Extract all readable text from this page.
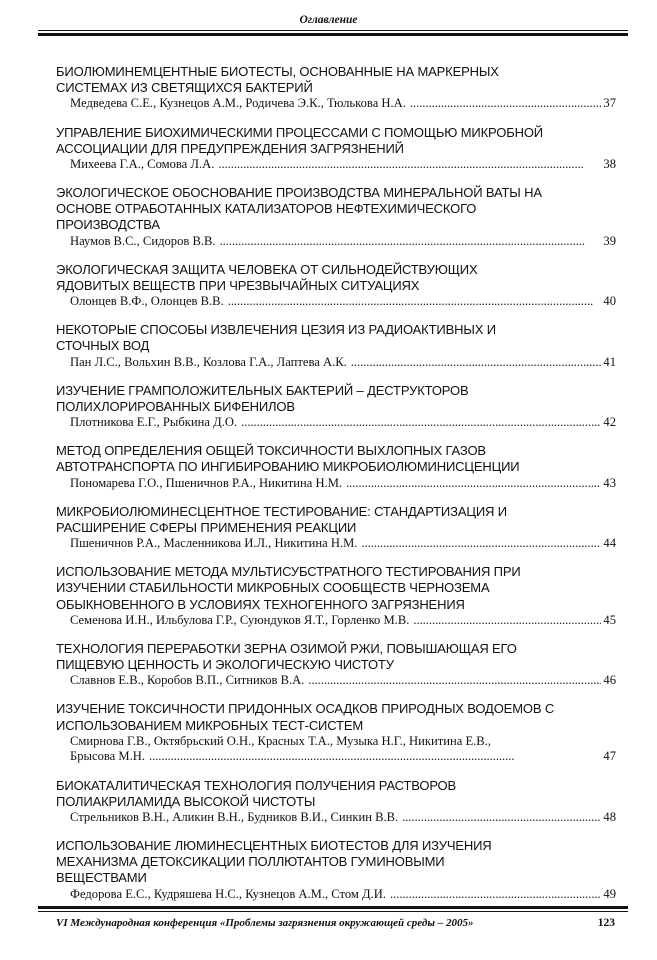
Оглавление
БИОЛЮМИНЕМЦЕНТНЫЕ БИОТЕСТЫ, ОСНОВАННЫЕ НА МАРКЕРНЫХ
СИСТЕМАХ ИЗ СВЕТЯЩИХСЯ БАКТЕРИЙ
Медведева С.Е., Кузнецов А.М., Родичева Э.К., Тюлькова Н.А. . . .	37
УПРАВЛЕНИЕ БИОХИМИЧЕСКИМИ ПРОЦЕССАМИ С ПОМОЩЬЮ МИКРОБНОЙ
АССОЦИАЦИИ ДЛЯ ПРЕДУПРЕЖДЕНИЯ ЗАГРЯЗНЕНИЙ
Михеева Г.А., Сомова Л.А. . . .	38
ЭКОЛОГИЧЕСКОЕ ОБОСНОВАНИЕ ПРОИЗВОДСТВА МИНЕРАЛЬНОЙ ВАТЫ НА
ОСНОВЕ ОТРАБОТАННЫХ КАТАЛИЗАТОРОВ НЕФТЕХИМИЧЕСКОГО
ПРОИЗВОДСТВА
Наумов В.С., Сидоров В.В. . . .	39
ЭКОЛОГИЧЕСКАЯ ЗАЩИТА ЧЕЛОВЕКА ОТ СИЛЬНОДЕЙСТВУЮЩИХ
ЯДОВИТЫХ ВЕЩЕСТВ ПРИ ЧРЕЗВЫЧАЙНЫХ СИТУАЦИЯХ
Олонцев В.Ф., Олонцев В.В. . . .	40
НЕКОТОРЫЕ СПОСОБЫ ИЗВЛЕЧЕНИЯ ЦЕЗИЯ ИЗ РАДИОАКТИВНЫХ И
СТОЧНЫХ ВОД
Пан Л.С., Вольхин В.В., Козлова Г.А., Лаптева А.К. . . .	41
ИЗУЧЕНИЕ ГРАМПОЛОЖИТЕЛЬНЫХ БАКТЕРИЙ – ДЕСТРУКТОРОВ
ПОЛИХЛОРИРОВАННЫХ БИФЕНИЛОВ
Плотникова Е.Г., Рыбкина Д.О. . . .	42
МЕТОД ОПРЕДЕЛЕНИЯ ОБЩЕЙ ТОКСИЧНОСТИ ВЫХЛОПНЫХ ГАЗОВ
АВТОТРАНСПОРТА ПО ИНГИБИРОВАНИЮ МИКРОБИОЛЮМИНИСЦЕНЦИИ
Пономарева Г.О., Пшеничнов Р.А., Никитина Н.М. . . .	43
МИКРОБИОЛЮМИНЕСЦЕНТНОЕ ТЕСТИРОВАНИЕ: СТАНДАРТИЗАЦИЯ И
РАСШИРЕНИЕ СФЕРЫ ПРИМЕНЕНИЯ РЕАКЦИИ
Пшеничнов Р.А., Масленникова И.Л., Никитина Н.М. . . .	44
ИСПОЛЬЗОВАНИЕ МЕТОДА МУЛЬТИСУБСТРАТНОГО ТЕСТИРОВАНИЯ ПРИ
ИЗУЧЕНИИ СТАБИЛЬНОСТИ МИКРОБНЫХ СООБЩЕСТВ ЧЕРНОЗЕМА
ОБЫКНОВЕННОГО В УСЛОВИЯХ ТЕХНОГЕННОГО ЗАГРЯЗНЕНИЯ
Семенова И.Н., Ильбулова Г.Р., Суюндуков Я.Т., Горленко М.В. . . .	45
ТЕХНОЛОГИЯ ПЕРЕРАБОТКИ ЗЕРНА ОЗИМОЙ РЖИ, ПОВЫШАЮЩАЯ ЕГО
ПИЩЕВУЮ ЦЕННОСТЬ И ЭКОЛОГИЧЕСКУЮ ЧИСТОТУ
Славнов Е.В., Коробов В.П., Ситников В.А. . . .	46
ИЗУЧЕНИЕ ТОКСИЧНОСТИ ПРИДОННЫХ ОСАДКОВ ПРИРОДНЫХ ВОДОЕМОВ С
ИСПОЛЬЗОВАНИЕМ МИКРОБНЫХ ТЕСТ-СИСТЕМ
Смирнова Г.В., Октябрьский О.Н., Красных Т.А., Музыка Н.Г., Никитина Е.В.,
Брысова М.Н. . . .	47
БИОКАТАЛИТИЧЕСКАЯ ТЕХНОЛОГИЯ ПОЛУЧЕНИЯ РАСТВОРОВ
ПОЛИАКРИЛАМИДА ВЫСОКОЙ ЧИСТОТЫ
Стрельников В.Н., Аликин В.Н., Будников В.И., Синкин В.В. . . .	48
ИСПОЛЬЗОВАНИЕ ЛЮМИНЕСЦЕНТНЫХ БИОТЕСТОВ ДЛЯ ИЗУЧЕНИЯ
МЕХАНИЗМА ДЕТОКСИКАЦИИ ПОЛЛЮТАНТОВ ГУМИНОВЫМИ
ВЕЩЕСТВАМИ
Федорова Е.С., Кудряшева Н.С., Кузнецов А.М., Стом Д.И. . . .	49
VI Международная конференция «Проблемы загрязнения окружающей среды – 2005»	123
